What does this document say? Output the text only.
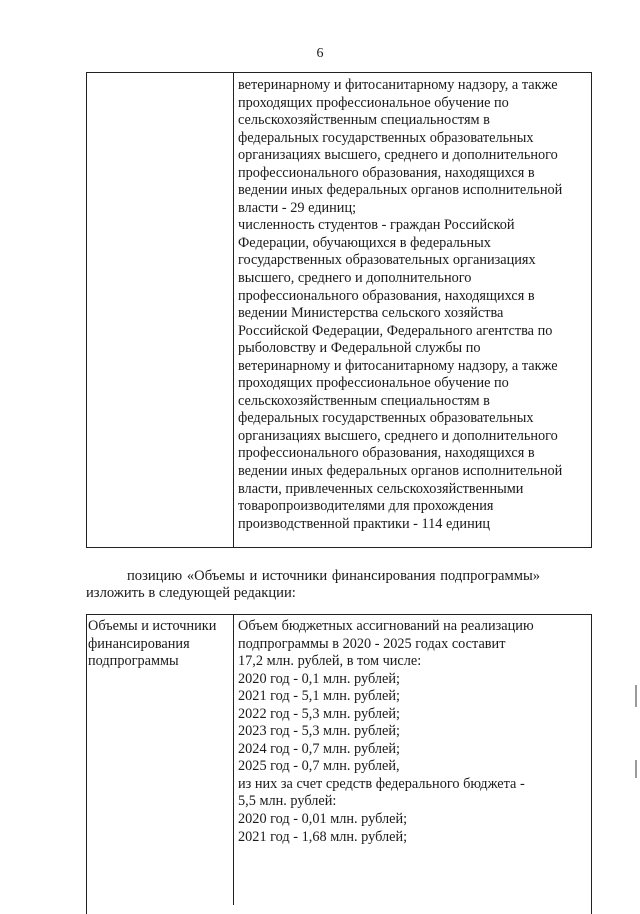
6
ветеринарному и фитосанитарному надзору, а также
проходящих профессиональное обучение по
сельскохозяйственным специальностям в
федеральных государственных образовательных
организациях высшего, среднего и дополнительного
профессионального образования, находящихся в
ведении иных федеральных органов исполнительной
власти - 29 единиц;
численность студентов - граждан Российской
Федерации, обучающихся в федеральных
государственных образовательных организациях
высшего, среднего и дополнительного
профессионального образования, находящихся в
ведении Министерства сельского хозяйства
Российской Федерации, Федерального агентства по
рыболовству и Федеральной службы по
ветеринарному и фитосанитарному надзору, а также
проходящих профессиональное обучение по
сельскохозяйственным специальностям в
федеральных государственных образовательных
организациях высшего, среднего и дополнительного
профессионального образования, находящихся в
ведении иных федеральных органов исполнительной
власти, привлеченных сельскохозяйственными
товаропроизводителями для прохождения
производственной практики - 114 единиц
позицию «Объемы и источники финансирования подпрограммы»
изложить в следующей редакции:
Объемы и источники
финансирования
подпрограммы
Объем бюджетных ассигнований на реализацию
подпрограммы в 2020 - 2025 годах составит
17,2 млн. рублей, в том числе:
2020 год - 0,1 млн. рублей;
2021 год - 5,1 млн. рублей;
2022 год - 5,3 млн. рублей;
2023 год - 5,3 млн. рублей;
2024 год - 0,7 млн. рублей;
2025 год - 0,7 млн. рублей,
из них за счет средств федерального бюджета -
5,5 млн. рублей:
2020 год - 0,01 млн. рублей;
2021 год - 1,68 млн. рублей;
